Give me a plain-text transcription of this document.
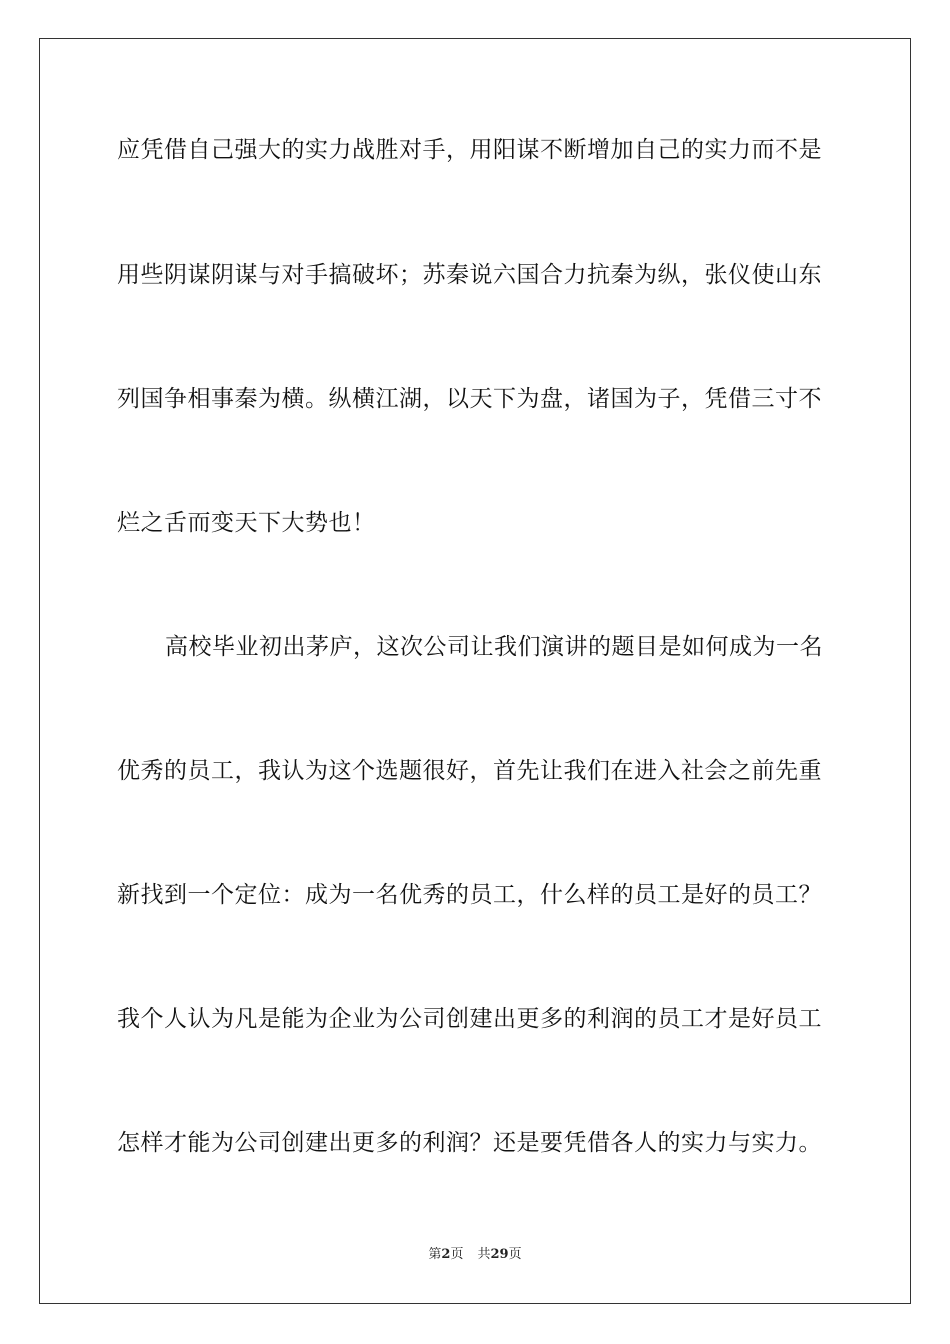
应凭借自己强大的实力战胜对手，用阳谋不断增加自己的实力而不是
用些阴谋阴谋与对手搞破坏；苏秦说六国合力抗秦为纵，张仪使山东
列国争相事秦为横。纵横江湖，以天下为盘，诸国为子，凭借三寸不
烂之舌而变天下大势也！
高校毕业初出茅庐，这次公司让我们演讲的题目是如何成为一名
优秀的员工，我认为这个选题很好，首先让我们在进入社会之前先重
新找到一个定位：成为一名优秀的员工，什么样的员工是好的员工？
我个人认为凡是能为企业为公司创建出更多的利润的员工才是好员工
怎样才能为公司创建出更多的利润？还是要凭借各人的实力与实力。
第2页 共29页
